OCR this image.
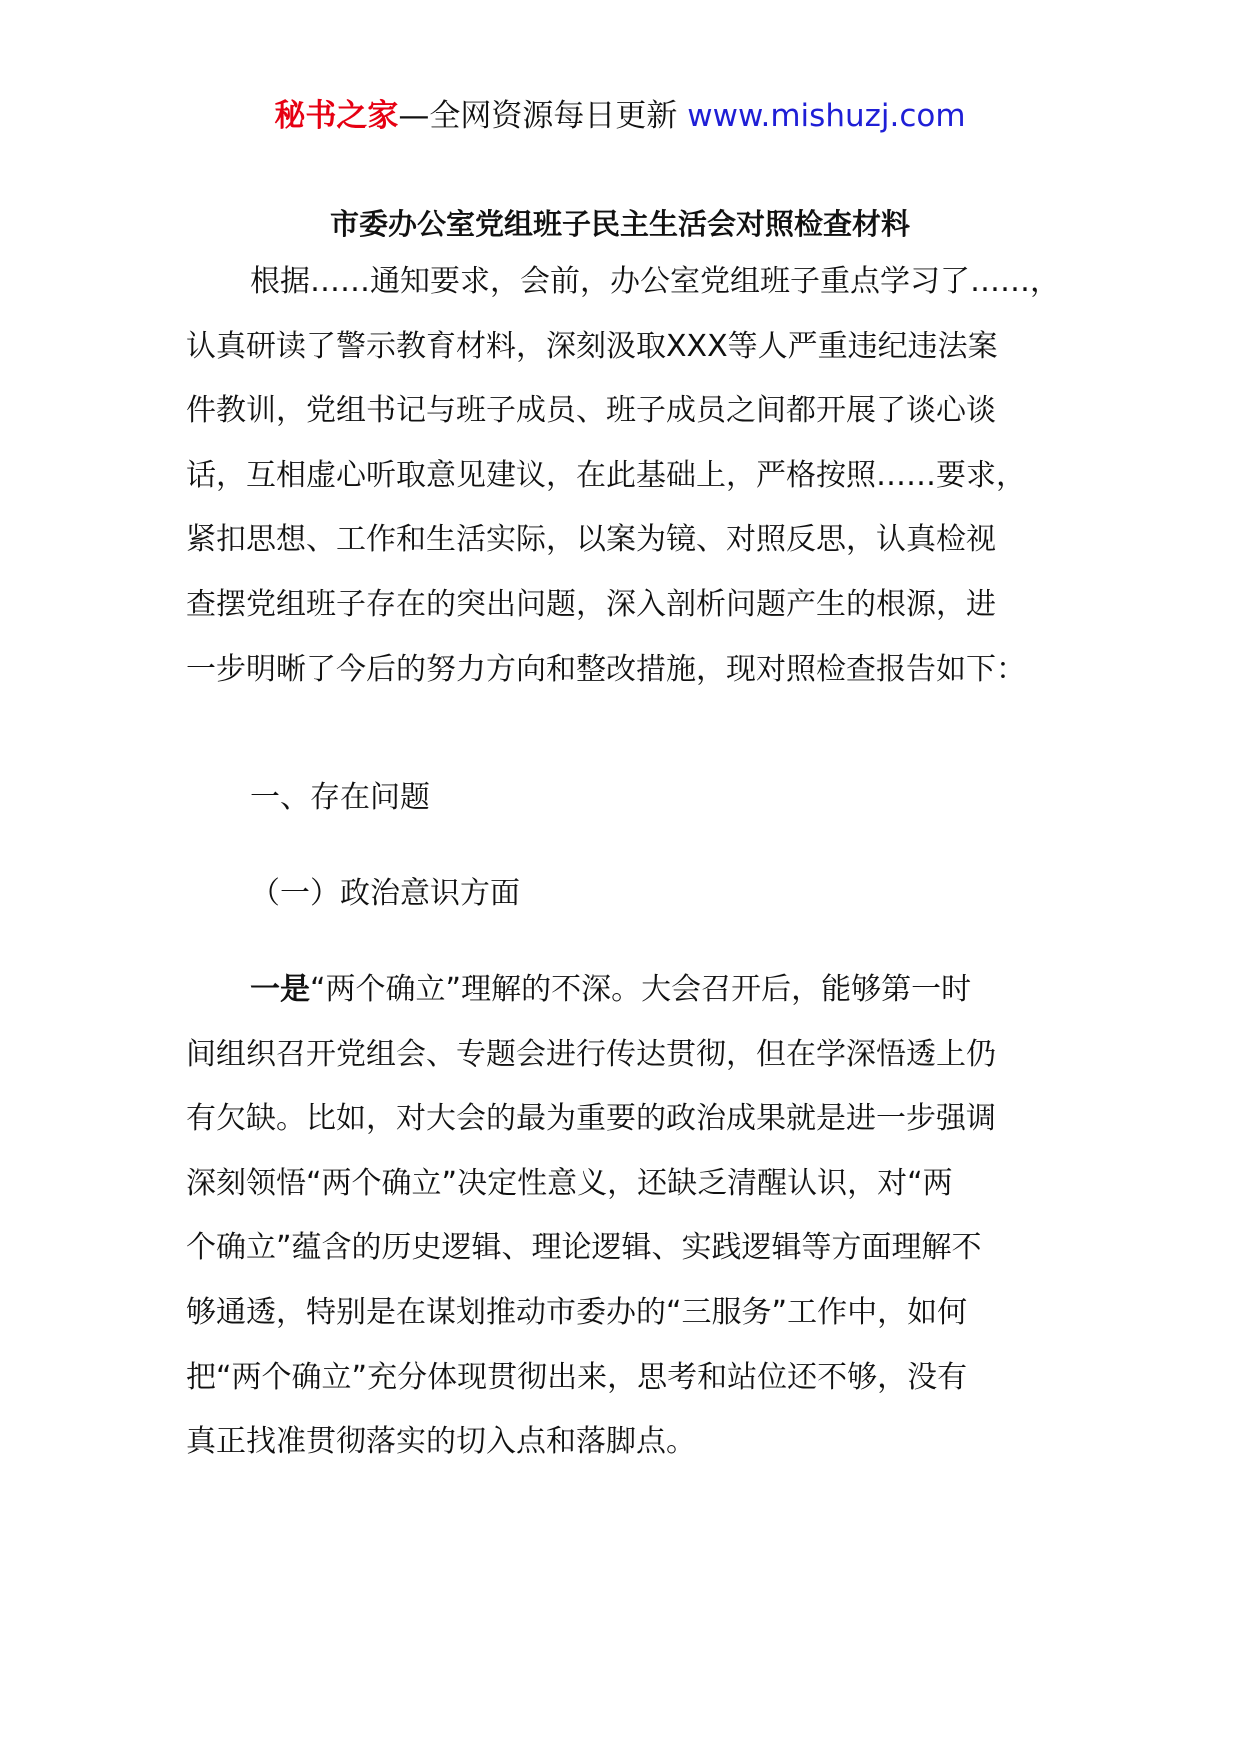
秘书之家—全网资源每日更新 www.mishuzj.com
市委办公室党组班子民主生活会对照检查材料
根据……通知要求，会前，办公室党组班子重点学习了……，
认真研读了警示教育材料，深刻汲取XXX等人严重违纪违法案
件教训，党组书记与班子成员、班子成员之间都开展了谈心谈
话，互相虚心听取意见建议，在此基础上，严格按照……要求，
紧扣思想、工作和生活实际，以案为镜、对照反思，认真检视
查摆党组班子存在的突出问题，深入剖析问题产生的根源，进
一步明晰了今后的努力方向和整改措施，现对照检查报告如下：
一、存在问题
（一）政治意识方面
一是“两个确立”理解的不深。大会召开后，能够第一时
间组织召开党组会、专题会进行传达贯彻，但在学深悟透上仍
有欠缺。比如，对大会的最为重要的政治成果就是进一步强调
深刻领悟“两个确立”决定性意义，还缺乏清醒认识，对“两
个确立”蕴含的历史逻辑、理论逻辑、实践逻辑等方面理解不
够通透，特别是在谋划推动市委办的“三服务”工作中，如何
把“两个确立”充分体现贯彻出来，思考和站位还不够，没有
真正找准贯彻落实的切入点和落脚点。
